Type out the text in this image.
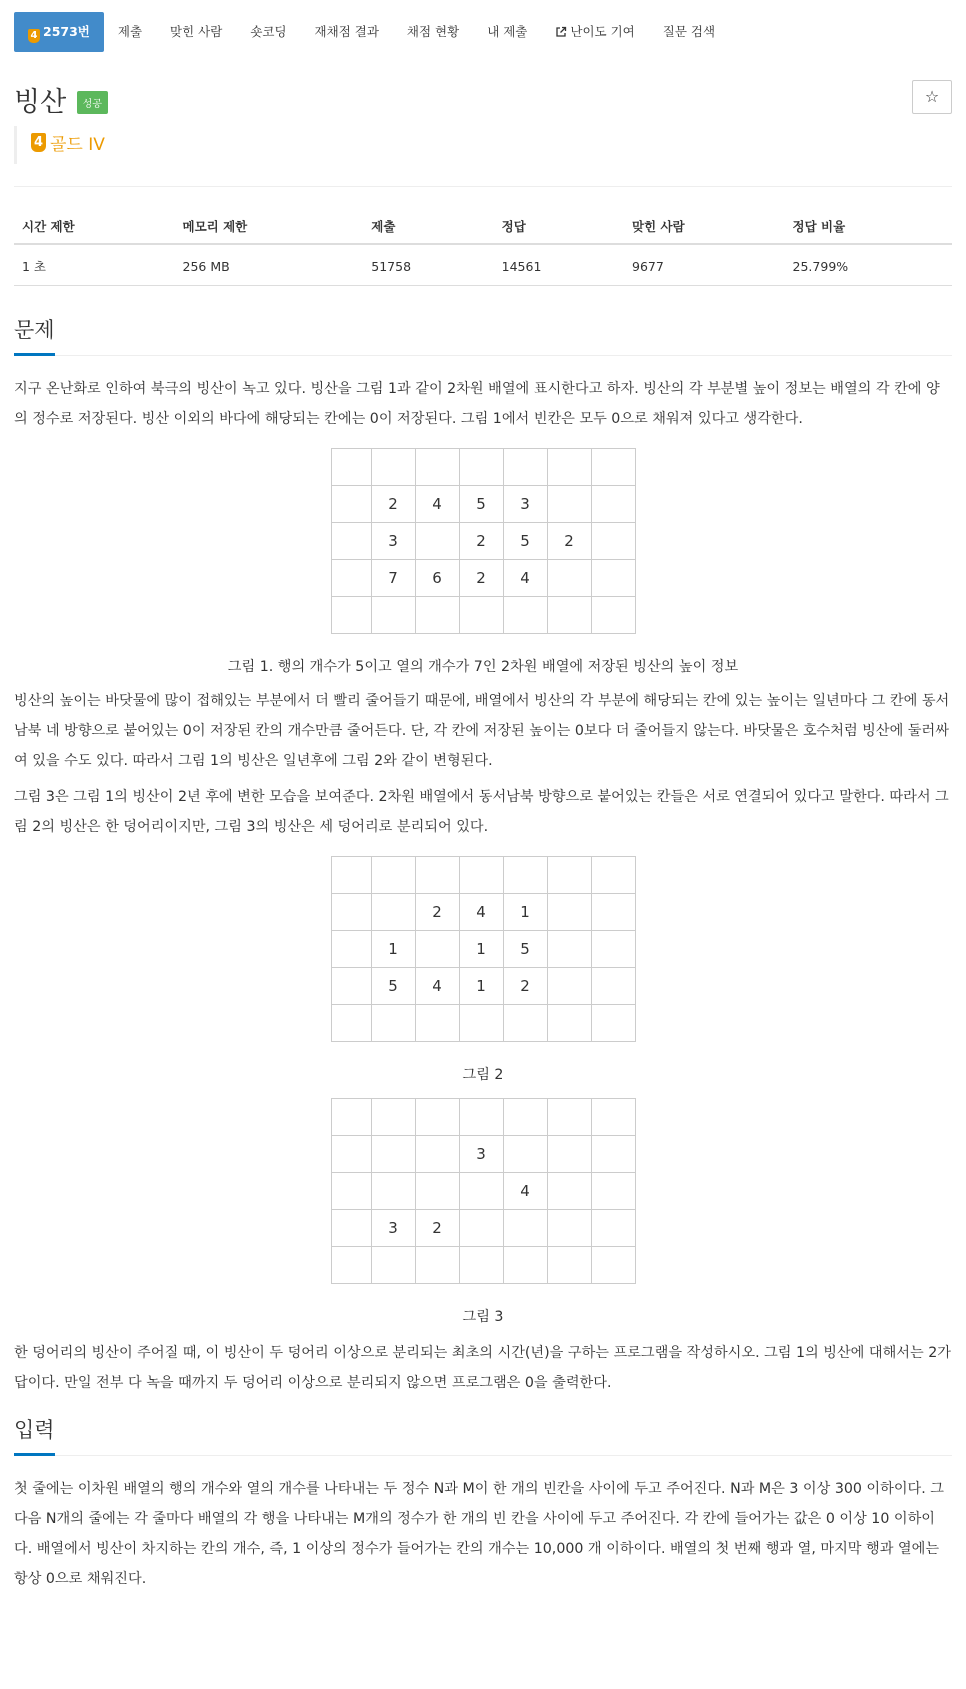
4 2573번	제출	맞힌 사람	숏코딩	재채점 결과	채점 현황	내 제출	난이도 기여	질문 검색
빙산 성공	☆
4 골드 IV
시간 제한	메모리 제한	제출	정답	맞힌 사람	정답 비율
1 초	256 MB	51758	14561	9677	25.799%
문제

지구 온난화로 인하여 북극의 빙산이 녹고 있다. 빙산을 그림 1과 같이 2차원 배열에 표시한다고 하자. 빙산의 각 부분별 높이 정보는 배열의 각 칸에 양의 정수로 저장된다. 빙산 이외의 바다에 해당되는 칸에는 0이 저장된다. 그림 1에서 빈칸은 모두 0으로 채워져 있다고 생각한다.

	2	4	5	3		
	3		2	5	2	
	7	6	2	4		

그림 1. 행의 개수가 5이고 열의 개수가 7인 2차원 배열에 저장된 빙산의 높이 정보

빙산의 높이는 바닷물에 많이 접해있는 부분에서 더 빨리 줄어들기 때문에, 배열에서 빙산의 각 부분에 해당되는 칸에 있는 높이는 일년마다 그 칸에 동서남북 네 방향으로 붙어있는 0이 저장된 칸의 개수만큼 줄어든다. 단, 각 칸에 저장된 높이는 0보다 더 줄어들지 않는다. 바닷물은 호수처럼 빙산에 둘러싸여 있을 수도 있다. 따라서 그림 1의 빙산은 일년후에 그림 2와 같이 변형된다.

그림 3은 그림 1의 빙산이 2년 후에 변한 모습을 보여준다. 2차원 배열에서 동서남북 방향으로 붙어있는 칸들은 서로 연결되어 있다고 말한다. 따라서 그림 2의 빙산은 한 덩어리이지만, 그림 3의 빙산은 세 덩어리로 분리되어 있다.

		2	4	1		
	1		1	5		
	5	4	1	2		

그림 2

			3			
				4		
	3	2				

그림 3

한 덩어리의 빙산이 주어질 때, 이 빙산이 두 덩어리 이상으로 분리되는 최초의 시간(년)을 구하는 프로그램을 작성하시오. 그림 1의 빙산에 대해서는 2가 답이다. 만일 전부 다 녹을 때까지 두 덩어리 이상으로 분리되지 않으면 프로그램은 0을 출력한다.

입력

첫 줄에는 이차원 배열의 행의 개수와 열의 개수를 나타내는 두 정수 N과 M이 한 개의 빈칸을 사이에 두고 주어진다. N과 M은 3 이상 300 이하이다. 그 다음 N개의 줄에는 각 줄마다 배열의 각 행을 나타내는 M개의 정수가 한 개의 빈 칸을 사이에 두고 주어진다. 각 칸에 들어가는 값은 0 이상 10 이하이다. 배열에서 빙산이 차지하는 칸의 개수, 즉, 1 이상의 정수가 들어가는 칸의 개수는 10,000 개 이하이다. 배열의 첫 번째 행과 열, 마지막 행과 열에는 항상 0으로 채워진다.
